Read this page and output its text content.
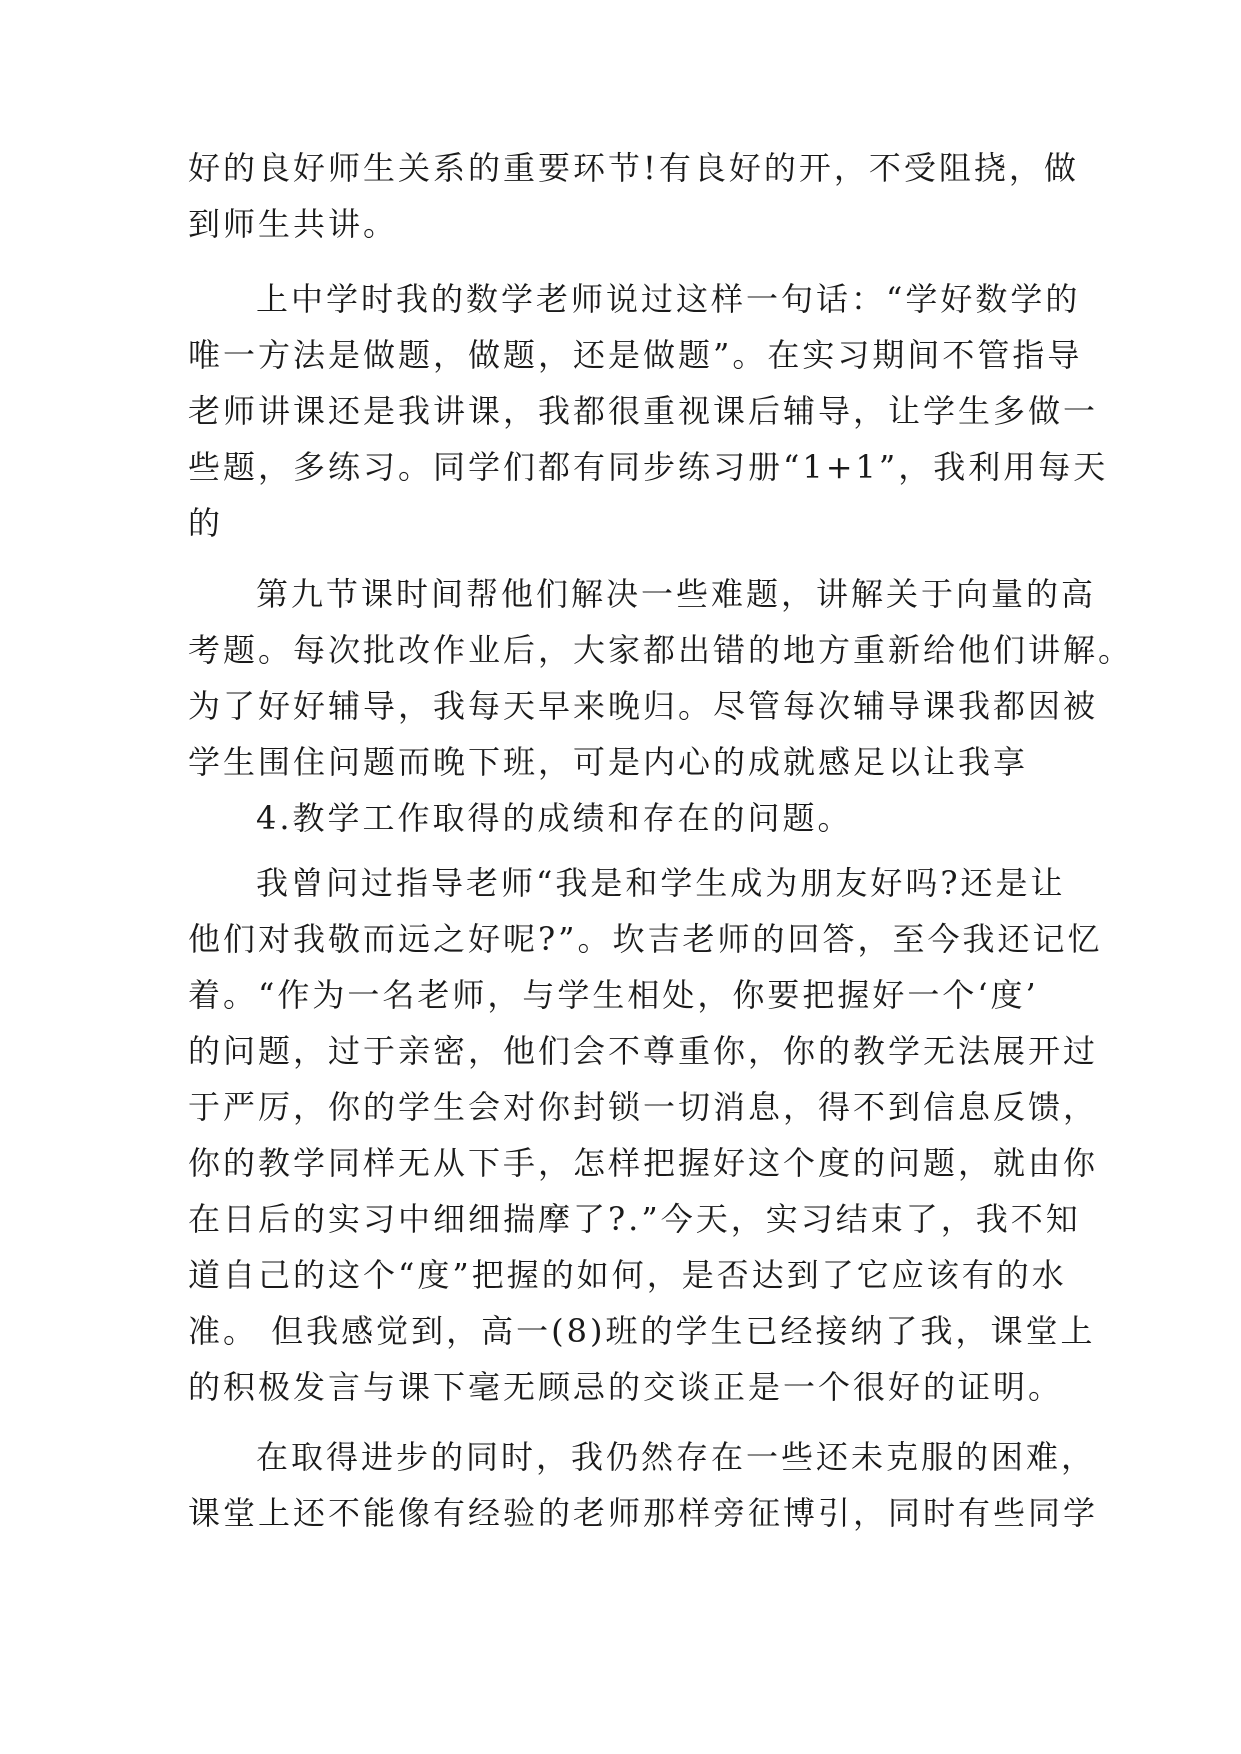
好的良好师生关系的重要环节!有良好的开，不受阻挠，做
到师生共讲。
上中学时我的数学老师说过这样一句话：“学好数学的
唯一方法是做题，做题，还是做题”。在实习期间不管指导
老师讲课还是我讲课，我都很重视课后辅导，让学生多做一
些题，多练习。同学们都有同步练习册“1+1”，我利用每天
的
第九节课时间帮他们解决一些难题，讲解关于向量的高
考题。每次批改作业后，大家都出错的地方重新给他们讲解。
为了好好辅导，我每天早来晚归。尽管每次辅导课我都因被
学生围住问题而晚下班，可是内心的成就感足以让我享
4.教学工作取得的成绩和存在的问题。
我曾问过指导老师“我是和学生成为朋友好吗?还是让
他们对我敬而远之好呢?”。坎吉老师的回答，至今我还记忆
着。“作为一名老师，与学生相处，你要把握好一个‘度’
的问题，过于亲密，他们会不尊重你，你的教学无法展开过
于严厉，你的学生会对你封锁一切消息，得不到信息反馈，
你的教学同样无从下手，怎样把握好这个度的问题，就由你
在日后的实习中细细揣摩了?.”今天，实习结束了，我不知
道自己的这个“度”把握的如何，是否达到了它应该有的水
准。 但我感觉到，高一(8)班的学生已经接纳了我，课堂上
的积极发言与课下毫无顾忌的交谈正是一个很好的证明。
在取得进步的同时，我仍然存在一些还未克服的困难，
课堂上还不能像有经验的老师那样旁征博引，同时有些同学
